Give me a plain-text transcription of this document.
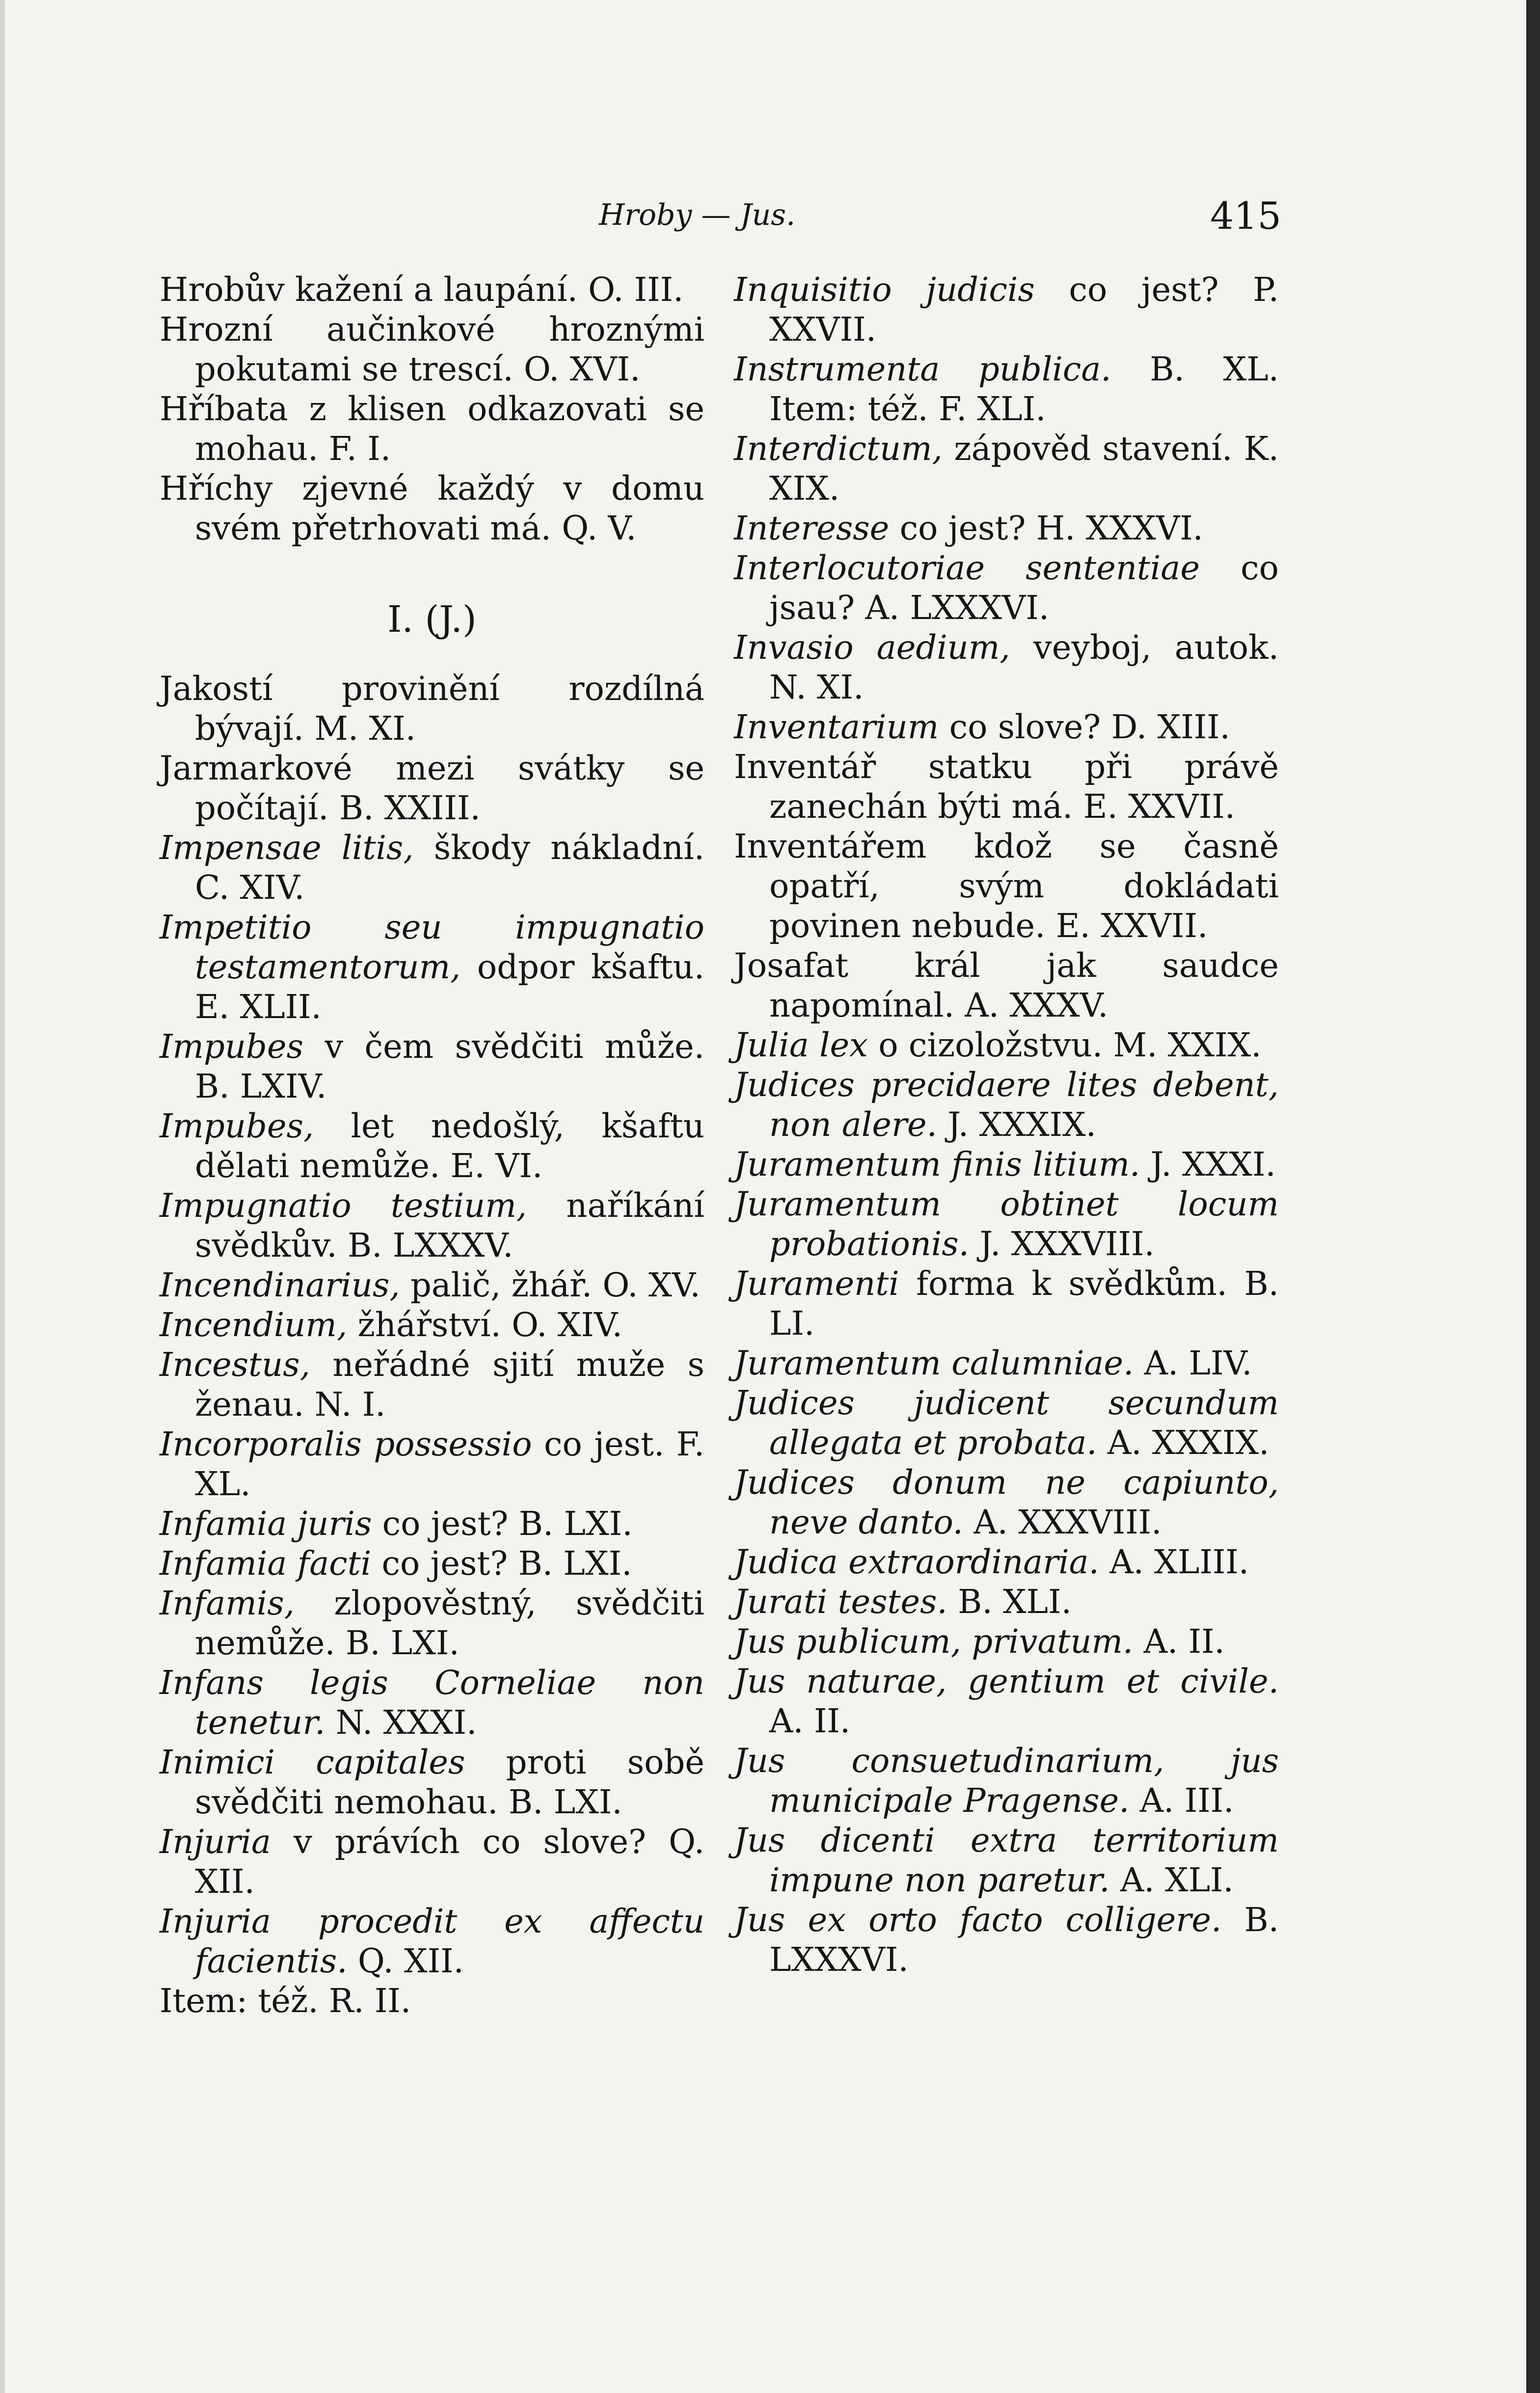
Hroby — Jus.	415

Hrobův kažení a laupání. O. III.

Hrozní aučinkové hroznými pokutami se trescí. O. XVI.

Hříbata z klisen odkazovati se mohau. F. I.

Hříchy zjevné každý v domu svém přetrhovati má. Q. V.

I. (J.)

Jakostí provinění rozdílná bývají. M. XI.

Jarmarkové mezi svátky se počítají. B. XXIII.

Impensae litis, škody nákladní. C. XIV.

Impetitio seu impugnatio testamentorum, odpor kšaftu. E. XLII.

Impubes v čem svědčiti může. B. LXIV.

Impubes, let nedošlý, kšaftu dělati nemůže. E. VI.

Impugnatio testium, naříkání svědkův. B. LXXXV.

Incendinarius, palič, žhář. O. XV.

Incendium, žhářství. O. XIV.

Incestus, neřádné sjití muže s ženau. N. I.

Incorporalis possessio co jest. F. XL.

Infamia juris co jest? B. LXI.

Infamia facti co jest? B. LXI.

Infamis, zlopověstný, svědčiti nemůže. B. LXI.

Infans legis Corneliae non tenetur. N. XXXI.

Inimici capitales proti sobě svědčiti nemohau. B. LXI.

Injuria v právích co slove? Q. XII.

Injuria procedit ex affectu facientis. Q. XII.

Item: též. R. II.

Inquisitio judicis co jest? P. XXVII.

Instrumenta publica. B. XL. Item: též. F. XLI.

Interdictum, zápověd stavení. K. XIX.

Interesse co jest? H. XXXVI.

Interlocutoriae sententiae co jsau? A. LXXXVI.

Invasio aedium, veyboj, autok. N. XI.

Inventarium co slove? D. XIII.

Inventář statku při právě zanechán býti má. E. XXVII.

Inventářem kdož se časně opatří, svým dokládati povinen nebude. E. XXVII.

Josafat král jak saudce napomínal. A. XXXV.

Julia lex o cizoložstvu. M. XXIX.

Judices precidaere lites debent, non alere. J. XXXIX.

Juramentum finis litium. J. XXXI.

Juramentum obtinet locum probationis. J. XXXVIII.

Juramenti forma k svědkům. B. LI.

Juramentum calumniae. A. LIV.

Judices judicent secundum allegata et probata. A. XXXIX.

Judices donum ne capiunto, neve danto. A. XXXVIII.

Judica extraordinaria. A. XLIII.

Jurati testes. B. XLI.

Jus publicum, privatum. A. II.

Jus naturae, gentium et civile. A. II.

Jus consuetudinarium, jus municipale Pragense. A. III.

Jus dicenti extra territorium impune non paretur. A. XLI.

Jus ex orto facto colligere. B. LXXXVI.
